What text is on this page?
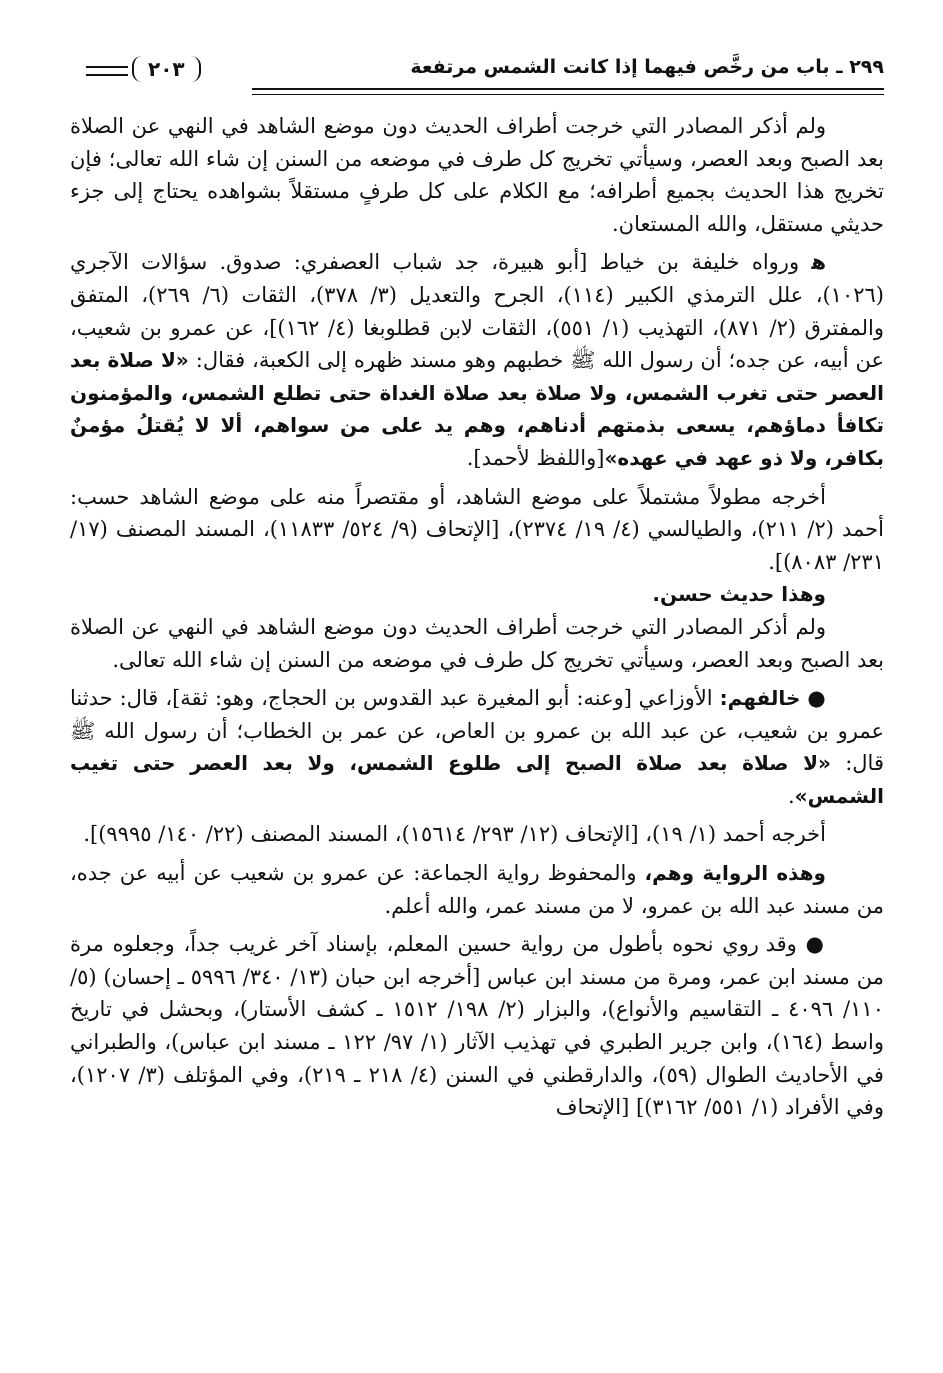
٢٩٩ ـ باب من رخَّص فيهما إذا كانت الشمس مرتفعة
٢٠٣

ولم أذكر المصادر التي خرجت أطراف الحديث دون موضع الشاهد في النهي عن الصلاة بعد الصبح وبعد العصر، وسيأتي تخريج كل طرف في موضعه من السنن إن شاء الله تعالى؛ فإن تخريج هذا الحديث بجميع أطرافه؛ مع الكلام على كل طرفٍ مستقلاً بشواهده يحتاج إلى جزء حديثي مستقل، والله المستعان.

ﻫ ورواه خليفة بن خياط [أبو هبيرة، جد شباب العصفري: صدوق. سؤالات الآجري (١٠٢٦)، علل الترمذي الكبير (١١٤)، الجرح والتعديل (٣/ ٣٧٨)، الثقات (٦/ ٢٦٩)، المتفق والمفترق (٢/ ٨٧١)، التهذيب (١/ ٥٥١)، الثقات لابن قطلوبغا (٤/ ١٦٢)]، عن عمرو بن شعيب، عن أبيه، عن جده؛ أن رسول الله ﷺ خطبهم وهو مسند ظهره إلى الكعبة، فقال: «لا صلاة بعد العصر حتى تغرب الشمس، ولا صلاة بعد صلاة الغداة حتى تطلع الشمس، والمؤمنون تكافأ دماؤهم، يسعى بذمتهم أدناهم، وهم يد على من سواهم، ألا لا يُقتلُ مؤمنٌ بكافر، ولا ذو عهد في عهده»[واللفظ لأحمد].

أخرجه مطولاً مشتملاً على موضع الشاهد، أو مقتصراً منه على موضع الشاهد حسب: أحمد (٢/ ٢١١)، والطيالسي (٤/ ١٩/ ٢٣٧٤)، [الإتحاف (٩/ ٥٢٤/ ١١٨٣٣)، المسند المصنف (١٧/ ٢٣١/ ٨٠٨٣)].

وهذا حديث حسن.

ولم أذكر المصادر التي خرجت أطراف الحديث دون موضع الشاهد في النهي عن الصلاة بعد الصبح وبعد العصر، وسيأتي تخريج كل طرف في موضعه من السنن إن شاء الله تعالى.

● خالفهم: الأوزاعي [وعنه: أبو المغيرة عبد القدوس بن الحجاج، وهو: ثقة]، قال: حدثنا عمرو بن شعيب، عن عبد الله بن عمرو بن العاص، عن عمر بن الخطاب؛ أن رسول الله ﷺ قال: «لا صلاة بعد صلاة الصبح إلى طلوع الشمس، ولا بعد العصر حتى تغيب الشمس».

أخرجه أحمد (١/ ١٩)، [الإتحاف (١٢/ ٢٩٣/ ١٥٦١٤)، المسند المصنف (٢٢/ ١٤٠/ ٩٩٩٥)].

وهذه الرواية وهم، والمحفوظ رواية الجماعة: عن عمرو بن شعيب عن أبيه عن جده، من مسند عبد الله بن عمرو، لا من مسند عمر، والله أعلم.

● وقد روي نحوه بأطول من رواية حسين المعلم، بإسناد آخر غريب جداً، وجعلوه مرة من مسند ابن عمر، ومرة من مسند ابن عباس [أخرجه ابن حبان (١٣/ ٣٤٠/ ٥٩٩٦ ـ إحسان) (٥/ ١١٠/ ٤٠٩٦ ـ التقاسيم والأنواع)، والبزار (٢/ ١٩٨/ ١٥١٢ ـ كشف الأستار)، وبحشل في تاريخ واسط (١٦٤)، وابن جرير الطبري في تهذيب الآثار (١/ ٩٧/ ١٢٢ ـ مسند ابن عباس)، والطبراني في الأحاديث الطوال (٥٩)، والدارقطني في السنن (٤/ ٢١٨ ـ ٢١٩)، وفي المؤتلف (٣/ ١٢٠٧)، وفي الأفراد (١/ ٥٥١/ ٣١٦٢)] [الإتحاف
